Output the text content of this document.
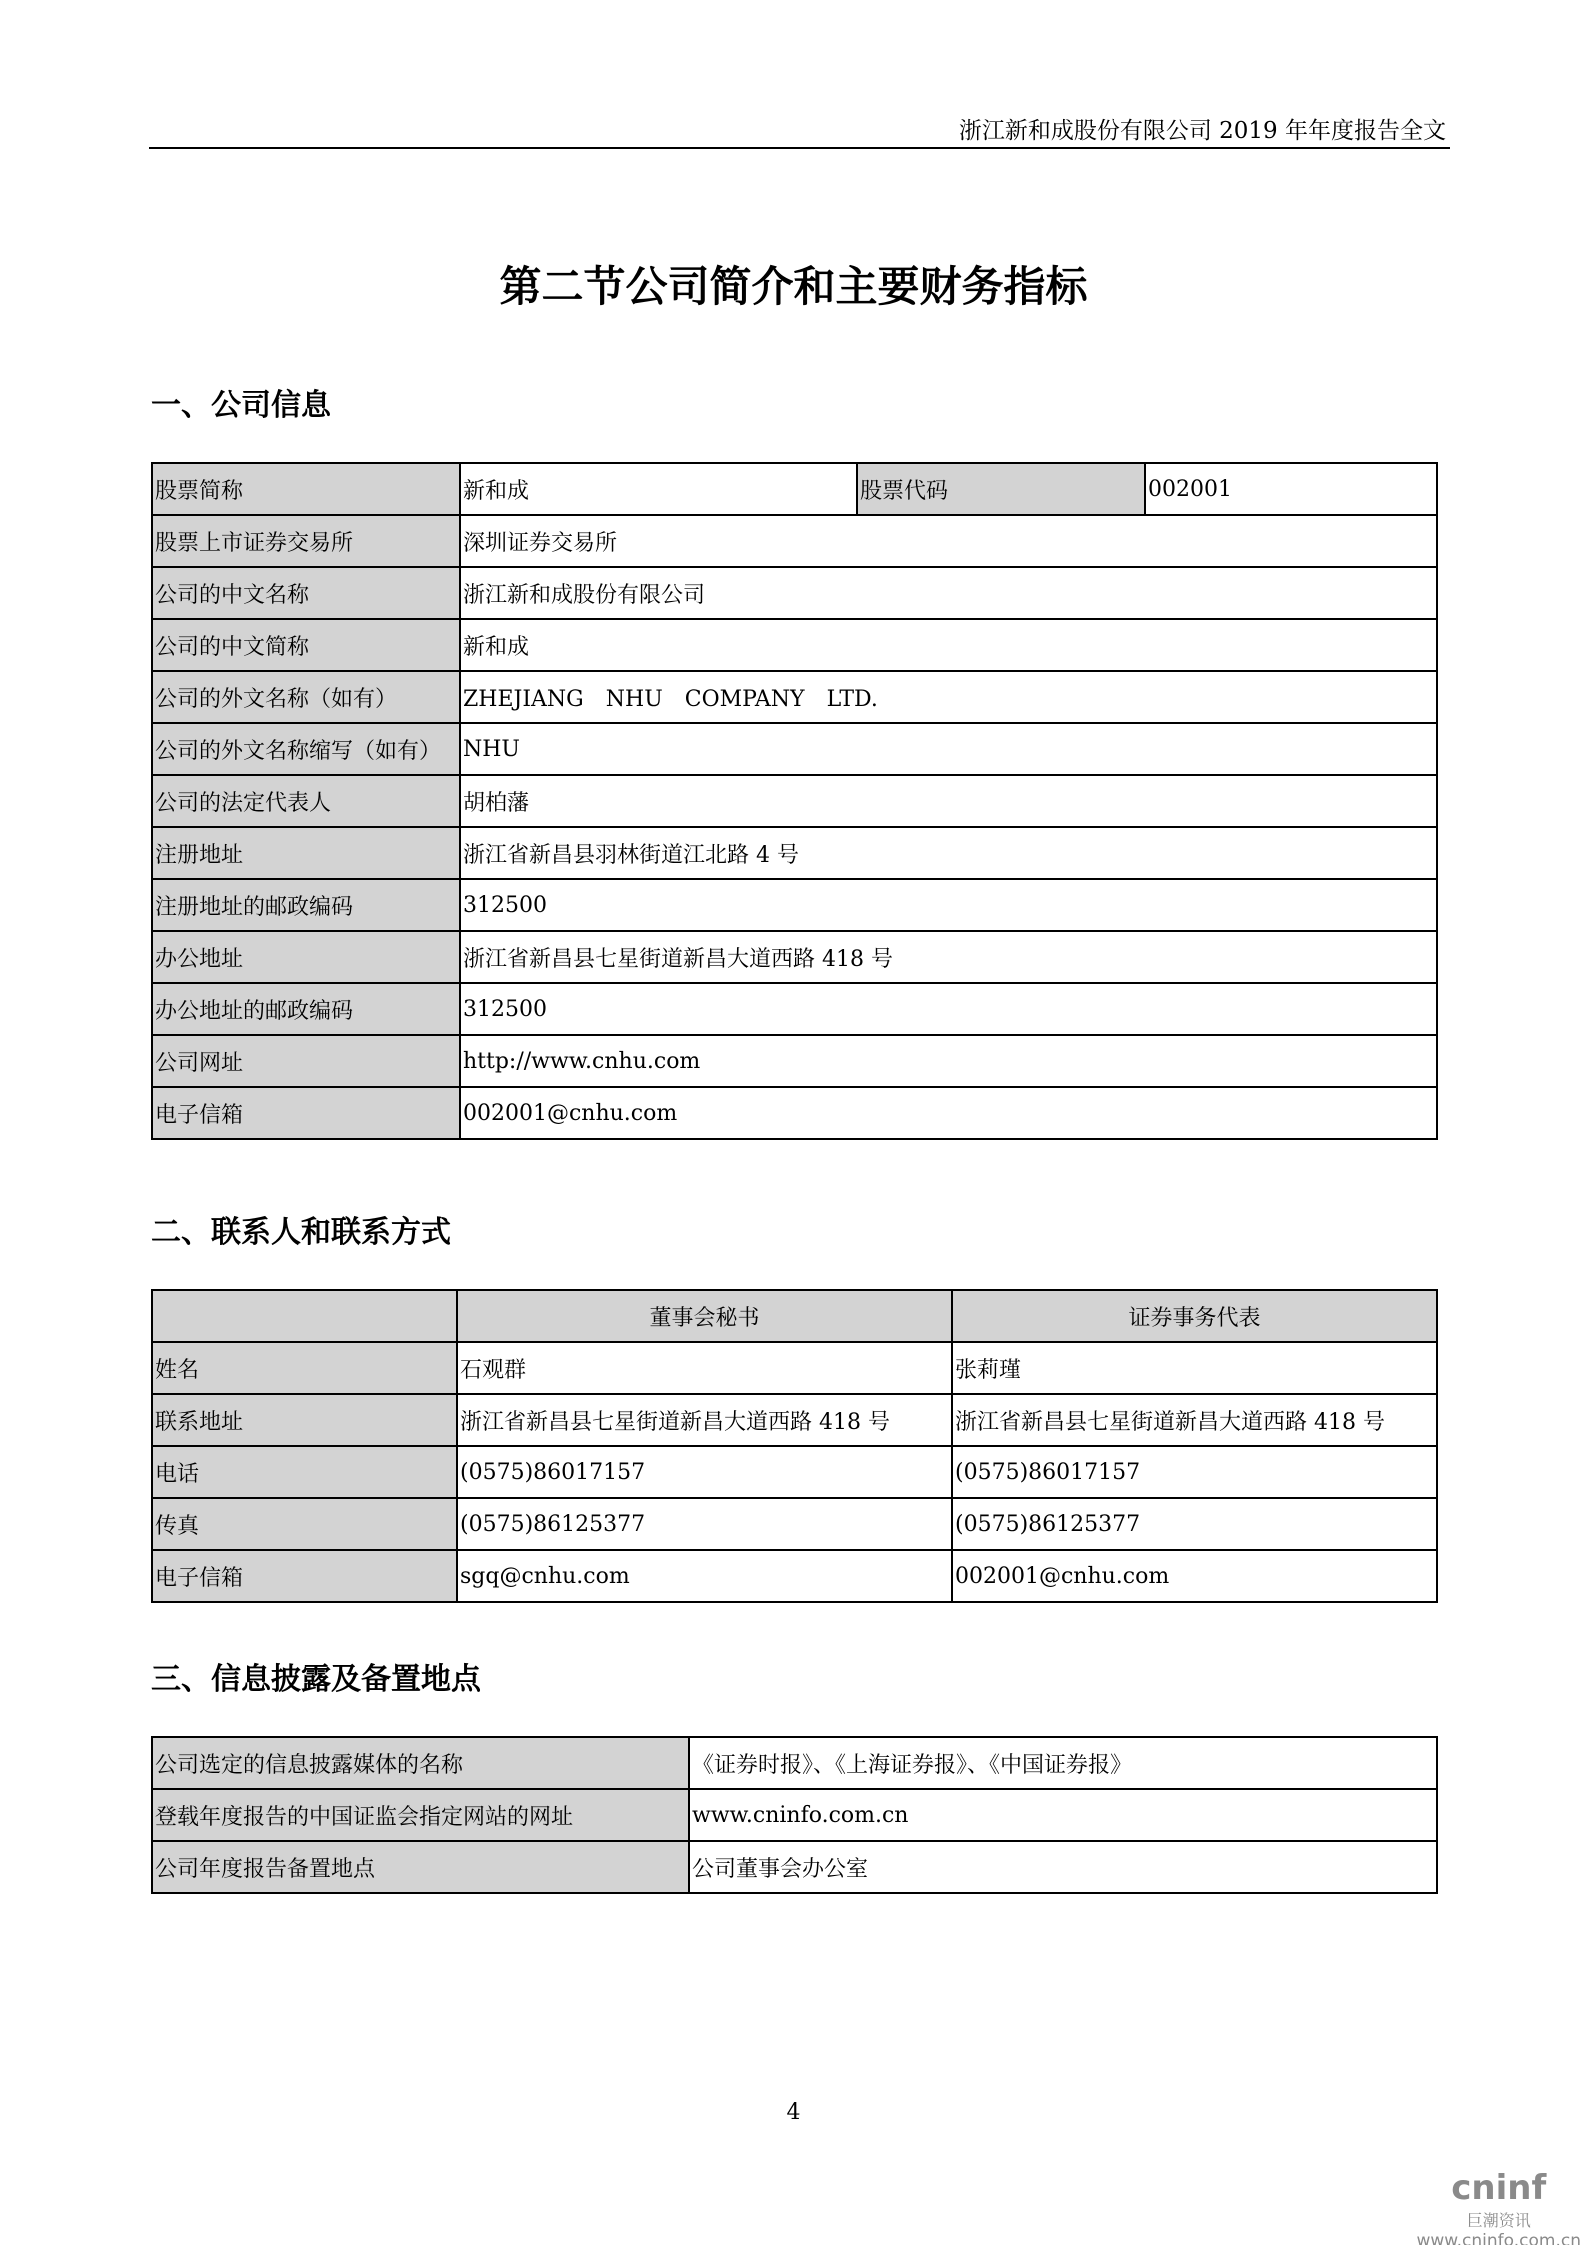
浙江新和成股份有限公司 2019 年年度报告全文
第二节公司简介和主要财务指标
一、公司信息
股票简称	新和成	股票代码	002001
股票上市证券交易所	深圳证券交易所		
公司的中文名称	浙江新和成股份有限公司		
公司的中文简称	新和成		
公司的外文名称（如有）	ZHEJIANG　NHU　COMPANY　LTD.		
公司的外文名称缩写（如有）	NHU		
公司的法定代表人	胡柏藩		
注册地址	浙江省新昌县羽林街道江北路 4 号		
注册地址的邮政编码	312500		
办公地址	浙江省新昌县七星街道新昌大道西路 418 号		
办公地址的邮政编码	312500		
公司网址	http://www.cnhu.com		
电子信箱	002001@cnhu.com		
二、联系人和联系方式
	董事会秘书	证券事务代表
姓名	石观群	张莉瑾
联系地址	浙江省新昌县七星街道新昌大道西路 418 号	浙江省新昌县七星街道新昌大道西路 418 号
电话	(0575)86017157	(0575)86017157
传真	(0575)86125377	(0575)86125377
电子信箱	sgq@cnhu.com	002001@cnhu.com
三、信息披露及备置地点
公司选定的信息披露媒体的名称	《证券时报》、《上海证券报》、《中国证券报》
登载年度报告的中国证监会指定网站的网址	www.cninfo.com.cn
公司年度报告备置地点	公司董事会办公室
4
cninf
巨潮资讯
www.cninfo.com.cn
